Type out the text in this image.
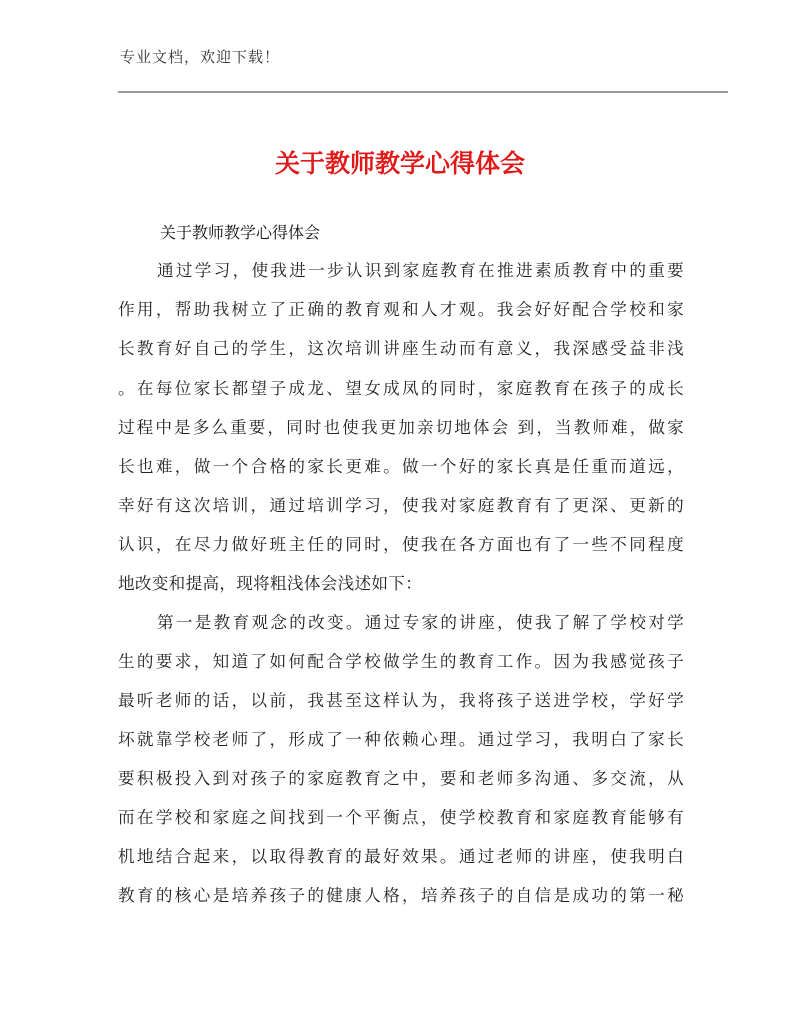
专业文档，欢迎下载！
关于教师教学心得体会
关于教师教学心得体会
通过学习，使我进一步认识到家庭教育在推进素质教育中的重要
作用，帮助我树立了正确的教育观和人才观。我会好好配合学校和家
长教育好自己的学生，这次培训讲座生动而有意义，我深感受益非浅
。在每位家长都望子成龙、望女成凤的同时，家庭教育在孩子的成长
过程中是多么重要，同时也使我更加亲切地体会 到，当教师难，做家
长也难，做一个合格的家长更难。做一个好的家长真是任重而道远，
幸好有这次培训，通过培训学习，使我对家庭教育有了更深、更新的
认识，在尽力做好班主任的同时，使我在各方面也有了一些不同程度
地改变和提高，现将粗浅体会浅述如下：
第一是教育观念的改变。通过专家的讲座，使我了解了学校对学
生的要求，知道了如何配合学校做学生的教育工作。因为我感觉孩子
最听老师的话，以前，我甚至这样认为，我将孩子送进学校，学好学
坏就靠学校老师了，形成了一种依赖心理。通过学习，我明白了家长
要积极投入到对孩子的家庭教育之中，要和老师多沟通、多交流，从
而在学校和家庭之间找到一个平衡点，使学校教育和家庭教育能够有
机地结合起来，以取得教育的最好效果。通过老师的讲座，使我明白
教育的核心是培养孩子的健康人格，培养孩子的自信是成功的第一秘
